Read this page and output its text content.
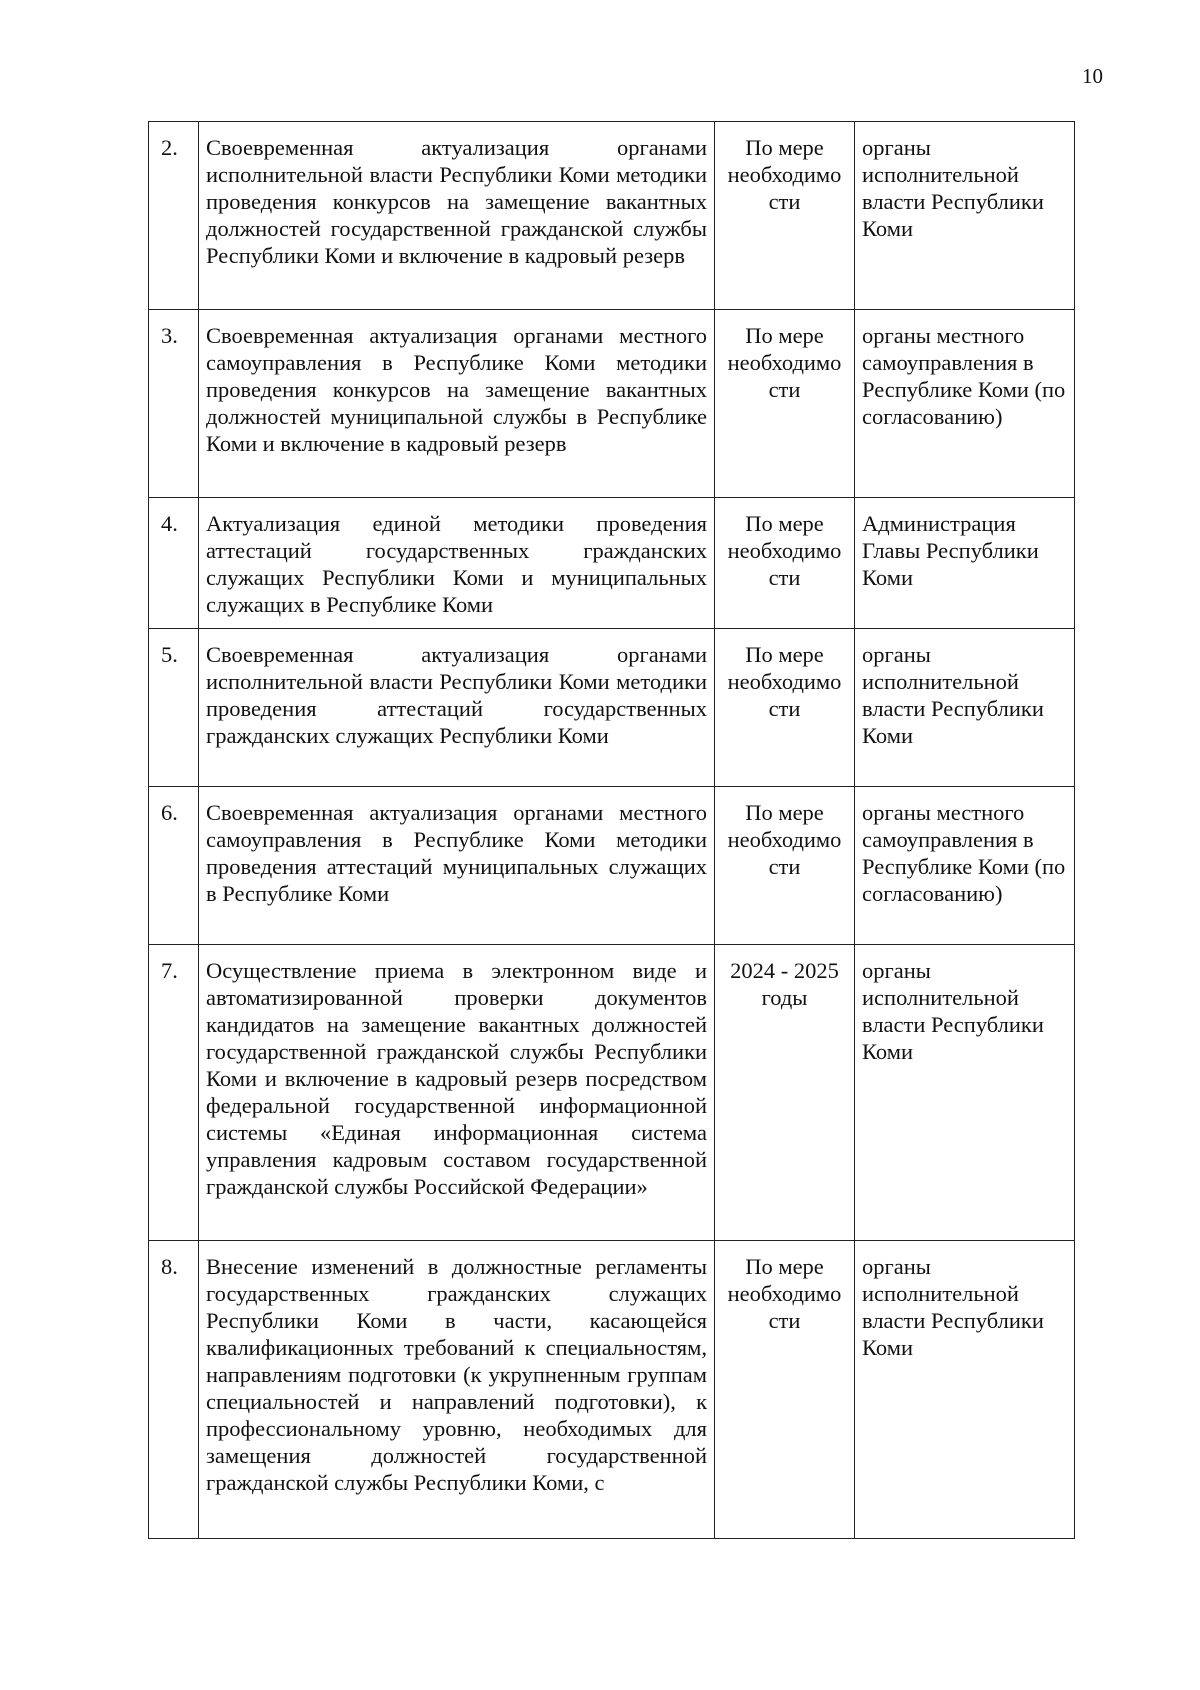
10
2.	Своевременная актуализация органами исполнительной власти Республики Коми методики проведения конкурсов на замещение вакантных должностей государственной гражданской службы Республики Коми и включение в кадровый резерв	По мере необходимо сти	органы исполнительной власти Республики Коми
3.	Своевременная актуализация органами местного самоуправления в Республике Коми методики проведения конкурсов на замещение вакантных должностей муниципальной службы в Республике Коми и включение в кадровый резерв	По мере необходимо сти	органы местного самоуправления в Республике Коми (по согласованию)
4.	Актуализация единой методики проведения аттестаций государственных гражданских служащих Республики Коми и муниципальных служащих в Республике Коми	По мере необходимо сти	Администрация Главы Республики Коми
5.	Своевременная актуализация органами исполнительной власти Республики Коми методики проведения аттестаций государственных гражданских служащих Республики Коми	По мере необходимо сти	органы исполнительной власти Республики Коми
6.	Своевременная актуализация органами местного самоуправления в Республике Коми методики проведения аттестаций муниципальных служащих в Республике Коми	По мере необходимо сти	органы местного самоуправления в Республике Коми (по согласованию)
7.	Осуществление приема в электронном виде и автоматизированной проверки документов кандидатов на замещение вакантных должностей государственной гражданской службы Республики Коми и включение в кадровый резерв посредством федеральной государственной информационной системы «Единая информационная система управления кадровым составом государственной гражданской службы Российской Федерации»	2024 - 2025 годы	органы исполнительной власти Республики Коми
8.	Внесение изменений в должностные регламенты государственных гражданских служащих Республики Коми в части, касающейся квалификационных требований к специальностям, направлениям подготовки (к укрупненным группам специальностей и направлений подготовки), к профессиональному уровню, необходимых для замещения должностей государственной гражданской службы Республики Коми, с	По мере необходимо сти	органы исполнительной власти Республики Коми
